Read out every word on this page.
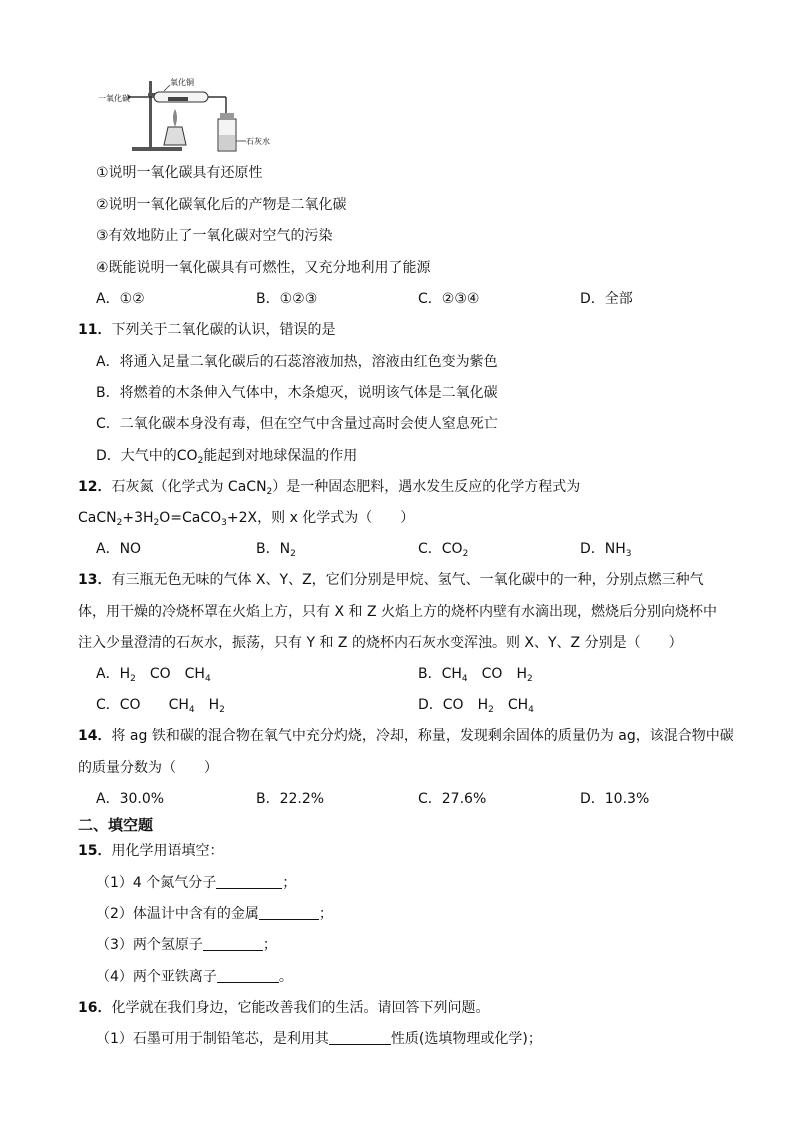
一氧化碳
氧化铜
石灰水
①说明一氧化碳具有还原性
②说明一氧化碳氧化后的产物是二氧化碳
③有效地防止了一氧化碳对空气的污染
④既能说明一氧化碳具有可燃性，又充分地利用了能源
A．①②	B．①②③	C．②③④	D．全部
11．下列关于二氧化碳的认识，错误的是
A．将通入足量二氧化碳后的石蕊溶液加热，溶液由红色变为紫色
B．将燃着的木条伸入气体中，木条熄灭，说明该气体是二氧化碳
C．二氧化碳本身没有毒，但在空气中含量过高时会使人窒息死亡
D．大气中的$CO_2$能起到对地球保温的作用
12．石灰氮（化学式为 CaCN$_2$）是一种固态肥料，遇水发生反应的化学方程式为
$CaCN_2+3H_2O=CaCO_3+2X$，则 x 化学式为（　　）
A．NO	B．$N_2$	C．$CO_2$	D．$NH_3$
13．有三瓶无色无味的气体 X、Y、Z，它们分别是甲烷、氢气、一氧化碳中的一种，分别点燃三种气
体，用干燥的冷烧杯罩在火焰上方，只有 X 和 Z 火焰上方的烧杯内壁有水滴出现，燃烧后分别向烧杯中
注入少量澄清的石灰水，振荡，只有 Y 和 Z 的烧杯内石灰水变浑浊。则 X、Y、Z 分别是（　　）
A．$H_2$　CO　$CH_4$	B．$CH_4$　CO　$H_2$
C．CO　　$CH_4$　$H_2$	D．CO　$H_2$　$CH_4$
14．将 ag 铁和碳的混合物在氧气中充分灼烧，冷却，称量，发现剩余固体的质量仍为 ag，该混合物中碳
的质量分数为（　　）
A．30.0%	B．22.2%	C．27.6%	D．10.3%
二、填空题
15．用化学用语填空：
（1）4 个氮气分子	；
（2）体温计中含有的金属	；
（3）两个氢原子	；
（4）两个亚铁离子	。
16．化学就在我们身边，它能改善我们的生活。请回答下列问题。
（1）石墨可用于制铅笔芯，是利用其	性质(选填物理或化学)；
